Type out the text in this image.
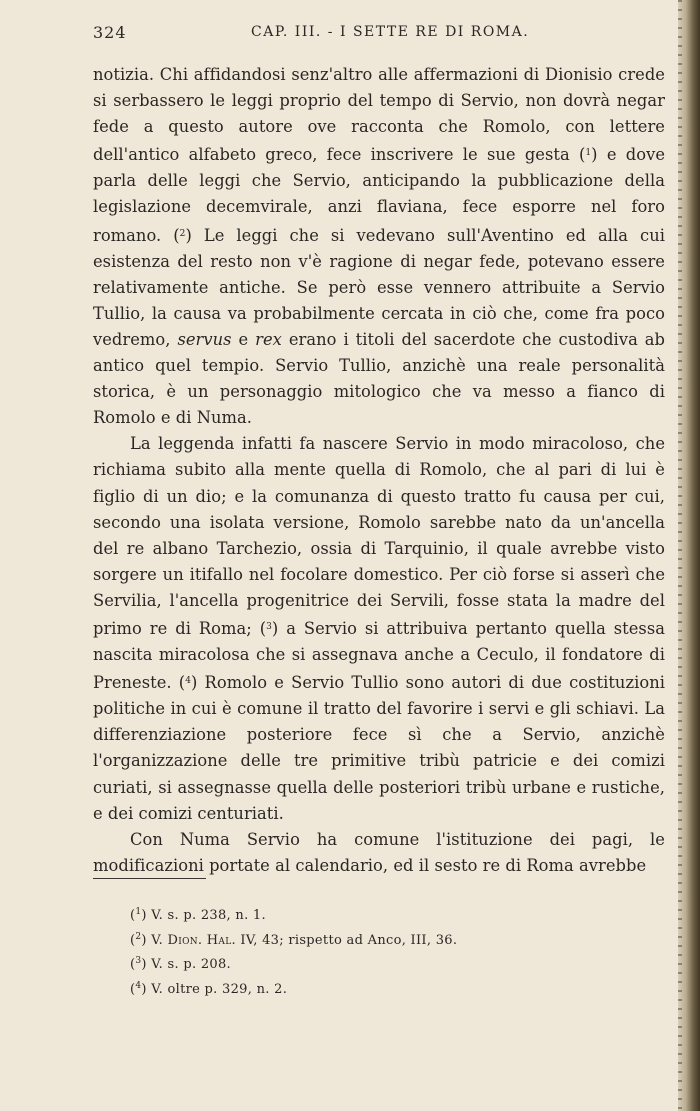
324	CAP. III. - I SETTE RE DI ROMA.

notizia. Chi affidandosi senz'altro alle affermazioni di Dionisio crede si serbassero le leggi proprio del tempo di Servio, non dovrà negar fede a questo autore ove racconta che Romolo, con lettere dell'antico alfabeto greco, fece inscrivere le sue gesta ($^1$) e dove parla delle leggi che Servio, anticipando la pubblicazione della legislazione decemvirale, anzi flaviana, fece esporre nel foro romano. ($^2$) Le leggi che si vedevano sull'Aventino ed alla cui esistenza del resto non v'è ragione di negar fede, potevano essere relativamente antiche. Se però esse vennero attribuite a Servio Tullio, la causa va probabilmente cercata in ciò che, come fra poco vedremo, servus e rex erano i titoli del sacerdote che custodiva ab antico quel tempio. Servio Tullio, anzichè una reale personalità storica, è un personaggio mitologico che va messo a fianco di Romolo e di Numa.

La leggenda infatti fa nascere Servio in modo miracoloso, che richiama subito alla mente quella di Romolo, che al pari di lui è figlio di un dio; e la comunanza di questo tratto fu causa per cui, secondo una isolata versione, Romolo sarebbe nato da un'ancella del re albano Tarchezio, ossia di Tarquinio, il quale avrebbe visto sorgere un itifallo nel focolare domestico. Per ciò forse si asserì che Servilia, l'ancella progenitrice dei Servili, fosse stata la madre del primo re di Roma; ($^3$) a Servio si attribuiva pertanto quella stessa nascita miracolosa che si assegnava anche a Ceculo, il fondatore di Preneste. ($^4$) Romolo e Servio Tullio sono autori di due costituzioni politiche in cui è comune il tratto del favorire i servi e gli schiavi. La differenziazione posteriore fece sì che a Servio, anzichè l'organizzazione delle tre primitive tribù patricie e dei comizi curiati, si assegnasse quella delle posteriori tribù urbane e rustiche, e dei comizi centuriati.

Con Numa Servio ha comune l'istituzione dei pagi, le modificazioni portate al calendario, ed il sesto re di Roma avrebbe

($^1$) V. s. p. 238, n. 1.
($^2$) V. Dion. Hal. IV, 43; rispetto ad Anco, III, 36.
($^3$) V. s. p. 208.
($^4$) V. oltre p. 329, n. 2.
